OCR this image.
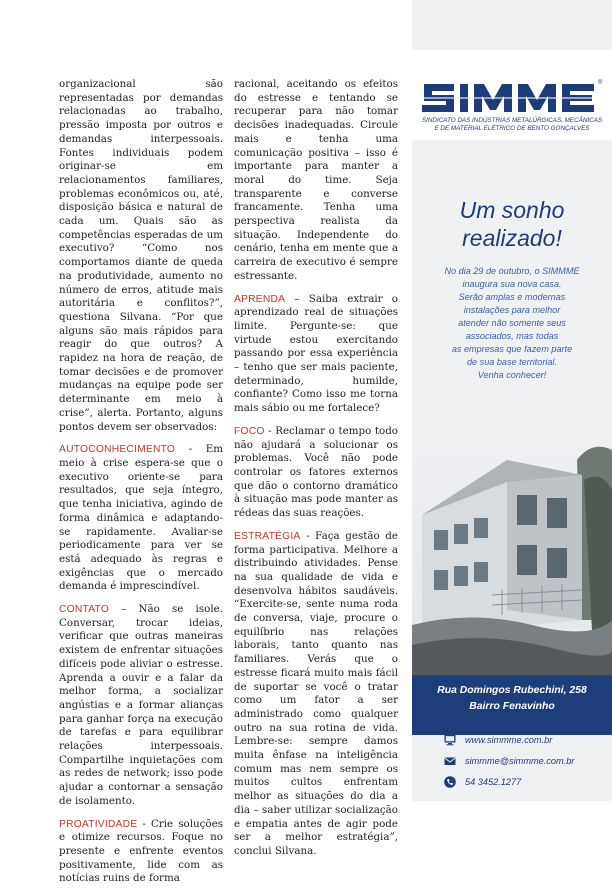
organizacional são representadas por demandas relacionadas ao trabalho, pressão imposta por outros e demandas interpessoais. Fontes individuais podem originar-se em relacionamentos familiares, problemas econômicos ou, até, disposição básica e natural de cada um. Quais são as competências esperadas de um executivo? “Como nos comportamos diante de queda na produtividade, aumento no número de erros, atitude mais autoritária e conflitos?”, questiona Silvana. “Por que alguns são mais rápidos para reagir do que outros? A rapidez na hora de reação, de tomar decisões e de promover mudanças na equipe pode ser determinante em meio à crise”, alerta. Portanto, alguns pontos devem ser observados:

AUTOCONHECIMENTO - Em meio à crise espera-se que o executivo oriente-se para resultados, que seja íntegro, que tenha iniciativa, agindo de forma dinâmica e adaptando-se rapidamente. Avaliar-se periodicamente para ver se está adequado às regras e exigências que o mercado demanda é imprescindível.

CONTATO – Não se isole. Conversar, trocar ideias, verificar que outras maneiras existem de enfrentar situações difíceis pode aliviar o estresse. Aprenda a ouvir e a falar da melhor forma, a socializar angústias e a formar alianças para ganhar força na execução de tarefas e para equilibrar relações interpessoais. Compartilhe inquietações com as redes de network; isso pode ajudar a contornar a sensação de isolamento.

PROATIVIDADE - Crie soluções e otimize recursos. Foque no presente e enfrente eventos positivamente, lide com as notícias ruins de forma

racional, aceitando os efeitos do estresse e tentando se recuperar para não tomar decisões inadequadas. Circule mais e tenha uma comunicação positiva – isso é importante para manter a moral do time. Seja transparente e converse francamente. Tenha uma perspectiva realista da situação. Independente do cenário, tenha em mente que a carreira de executivo é sempre estressante.

APRENDA – Saiba extrair o aprendizado real de situações limite. Pergunte-se: que virtude estou exercitando passando por essa experiência – tenho que ser mais paciente, determinado, humilde, confiante? Como isso me torna mais sábio ou me fortalece?

FOCO - Reclamar o tempo todo não ajudará a solucionar os problemas. Você não pode controlar os fatores externos que dão o contorno dramático à situação mas pode manter as rédeas das suas reações.

ESTRATÉGIA - Faça gestão de forma participativa. Melhore a distribuindo atividades. Pense na sua qualidade de vida e desenvolva hábitos saudáveis. “Exercite-se, sente numa roda de conversa, viaje, procure o equilíbrio nas relações laborais, tanto quanto nas familiares. Verás que o estresse ficará muito mais fácil de suportar se você o tratar como um fator a ser administrado como qualquer outro na sua rotina de vida. Lembre-se: sempre damos muita ênfase na inteligência comum mas nem sempre os muitos cultos enfrentam melhor as situações do dia a dia – saber utilizar socialização e empatia antes de agir pode ser a melhor estratégia”, conclui Silvana.

®
SINDICATO DAS INDÚSTRIAS METALÚRGICAS, MECÂNICAS
E DE MATERIAL ELÉTRICO DE BENTO GONÇALVES
Um sonho
realizado!
No dia 29 de outubro, o SIMMME
inaugura sua nova casa.
Serão amplas e modernas
instalações para melhor
atender não somente seus
associados, mas todas
as empresas que fazem parte
de sua base territorial.
Venha conhecer!
Rua Domingos Rubechini, 258
Bairro Fenavinho
www.simmme.com.br
simmme@simmme.com.br
54 3452.1277
